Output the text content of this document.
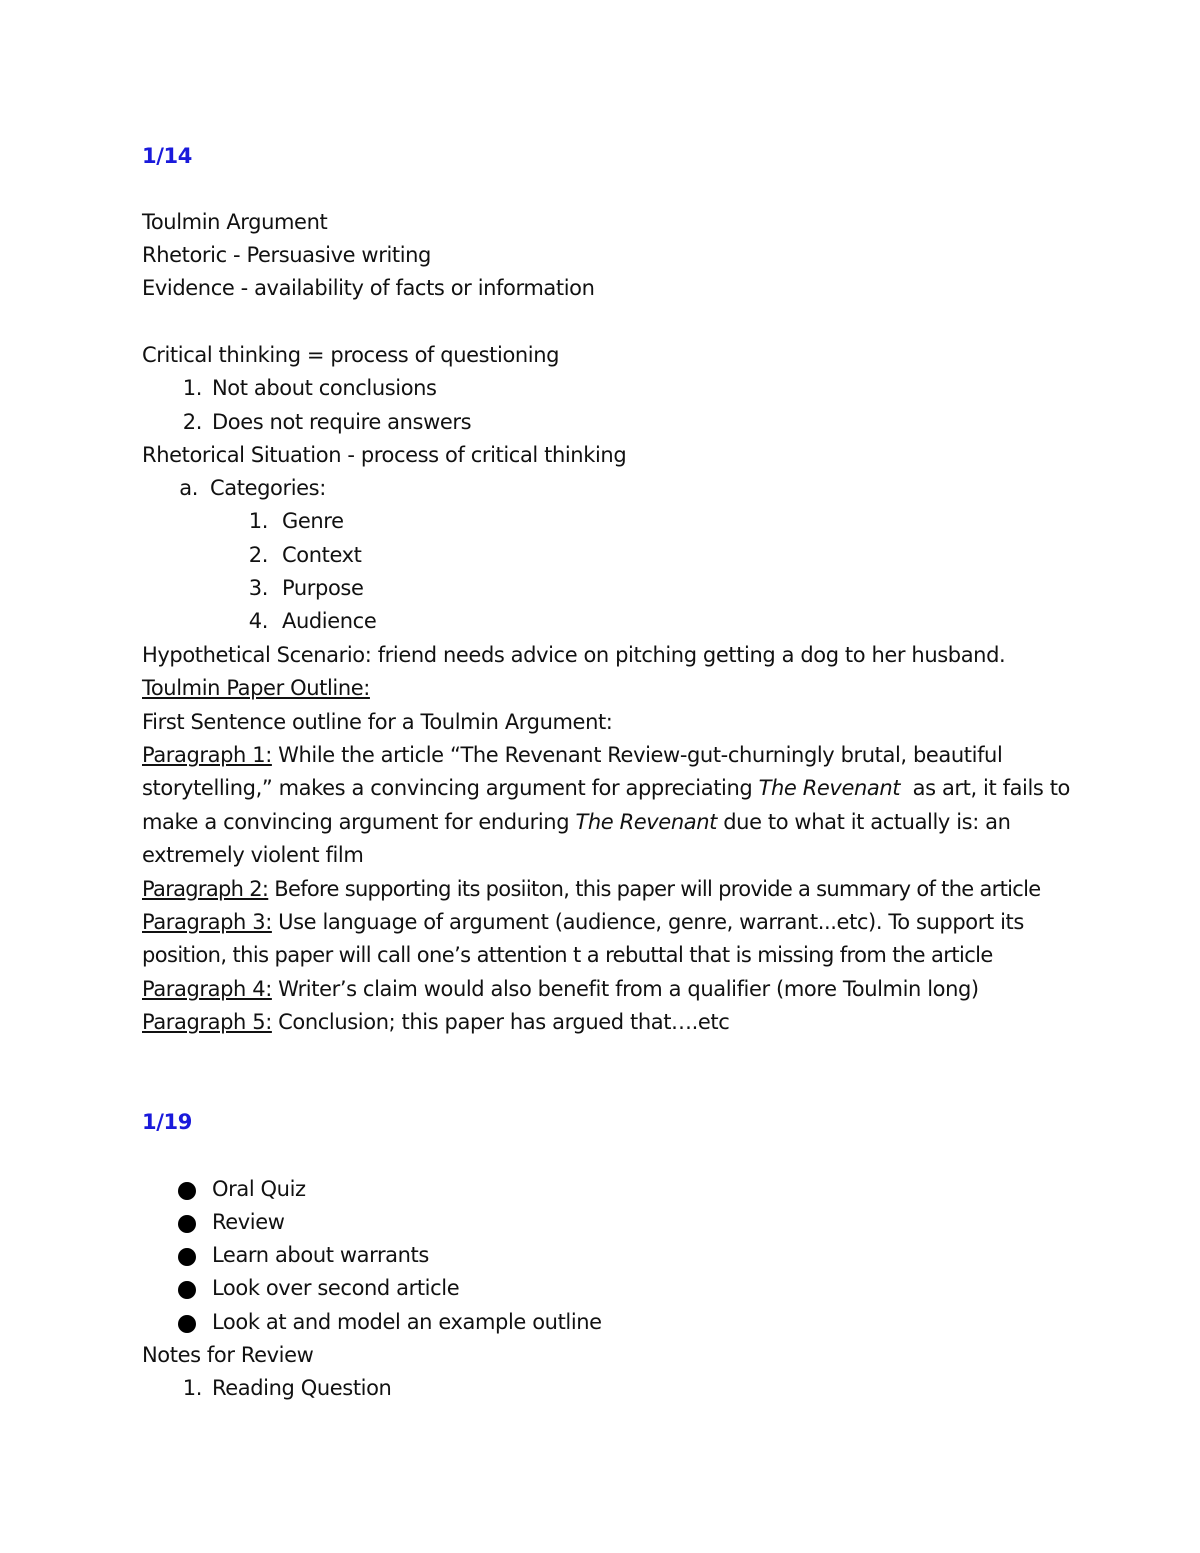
1/14
Toulmin Argument
Rhetoric - Persuasive writing
Evidence - availability of facts or information
Critical thinking = process of questioning
1. Not about conclusions
2. Does not require answers
Rhetorical Situation - process of critical thinking
a. Categories:
1. Genre
2. Context
3. Purpose
4. Audience
Hypothetical Scenario: friend needs advice on pitching getting a dog to her husband.
Toulmin Paper Outline:
First Sentence outline for a Toulmin Argument:
Paragraph 1: While the article “The Revenant Review-gut-churningly brutal, beautiful
storytelling,” makes a convincing argument for appreciating The Revenant as art, it fails to
make a convincing argument for enduring The Revenant due to what it actually is: an
extremely violent film
Paragraph 2: Before supporting its posiiton, this paper will provide a summary of the article
Paragraph 3: Use language of argument (audience, genre, warrant...etc). To support its
position, this paper will call one’s attention t a rebuttal that is missing from the article
Paragraph 4: Writer’s claim would also benefit from a qualifier (more Toulmin long)
Paragraph 5: Conclusion; this paper has argued that….etc
1/19
Oral Quiz
Review
Learn about warrants
Look over second article
Look at and model an example outline
Notes for Review
1. Reading Question
